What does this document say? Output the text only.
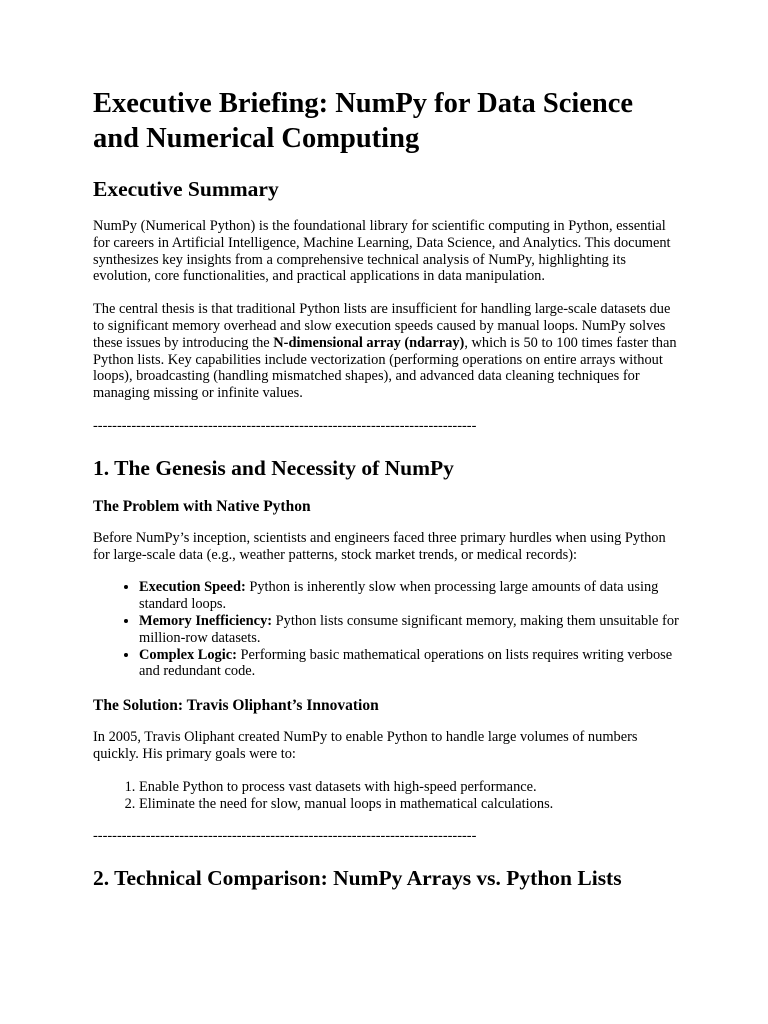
Executive Briefing: NumPy for Data Science and Numerical Computing
Executive Summary

NumPy (Numerical Python) is the foundational library for scientific computing in Python, essential for careers in Artificial Intelligence, Machine Learning, Data Science, and Analytics. This document synthesizes key insights from a comprehensive technical analysis of NumPy, highlighting its evolution, core functionalities, and practical applications in data manipulation.

The central thesis is that traditional Python lists are insufficient for handling large-scale datasets due to significant memory overhead and slow execution speeds caused by manual loops. NumPy solves these issues by introducing the N-dimensional array (ndarray), which is 50 to 100 times faster than Python lists. Key capabilities include vectorization (performing operations on entire arrays without loops), broadcasting (handling mismatched shapes), and advanced data cleaning techniques for managing missing or infinite values.

--------------------------------------------------------------------------------
1. The Genesis and Necessity of NumPy
The Problem with Native Python

Before NumPy’s inception, scientists and engineers faced three primary hurdles when using Python for large-scale data (e.g., weather patterns, stock market trends, or medical records):

• Execution Speed: Python is inherently slow when processing large amounts of data using standard loops.
• Memory Inefficiency: Python lists consume significant memory, making them unsuitable for million-row datasets.
• Complex Logic: Performing basic mathematical operations on lists requires writing verbose and redundant code.
The Solution: Travis Oliphant’s Innovation

In 2005, Travis Oliphant created NumPy to enable Python to handle large volumes of numbers quickly. His primary goals were to:

1. Enable Python to process vast datasets with high-speed performance.
2. Eliminate the need for slow, manual loops in mathematical calculations.
--------------------------------------------------------------------------------
2. Technical Comparison: NumPy Arrays vs. Python Lists
